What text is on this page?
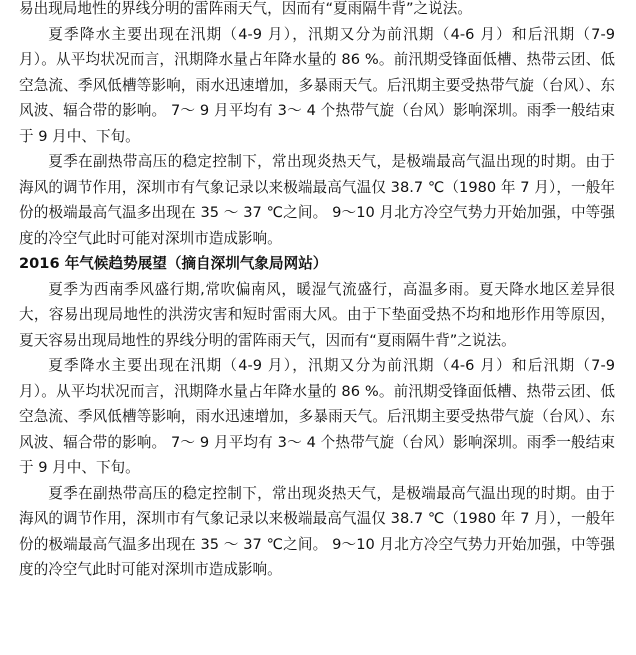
易出现局地性的界线分明的雷阵雨天气，因而有“夏雨隔牛背”之说法。

夏季降水主要出现在汛期（4-9 月），汛期又分为前汛期（4-6 月）和后汛期（7-9 月）。从平均状况而言，汛期降水量占年降水量的 86 %。前汛期受锋面低槽、热带云团、低空急流、季风低槽等影响，雨水迅速增加，多暴雨天气。后汛期主要受热带气旋（台风）、东风波、辐合带的影响。 7～ 9 月平均有 3～ 4 个热带气旋（台风）影响深圳。雨季一般结束于 9 月中、下旬。

夏季在副热带高压的稳定控制下，常出现炎热天气，是极端最高气温出现的时期。由于海风的调节作用，深圳市有气象记录以来极端最高气温仅 38.7 ℃（1980 年 7 月），一般年份的极端最高气温多出现在 35 ～ 37 ℃之间。 9～10 月北方冷空气势力开始加强，中等强度的冷空气此时可能对深圳市造成影响。

2016 年气候趋势展望（摘自深圳气象局网站）

夏季为西南季风盛行期,常吹偏南风，暖湿气流盛行，高温多雨。夏天降水地区差异很大，容易出现局地性的洪涝灾害和短时雷雨大风。由于下垫面受热不均和地形作用等原因，夏天容易出现局地性的界线分明的雷阵雨天气，因而有“夏雨隔牛背”之说法。

夏季降水主要出现在汛期（4-9 月），汛期又分为前汛期（4-6 月）和后汛期（7-9 月）。从平均状况而言，汛期降水量占年降水量的 86 %。前汛期受锋面低槽、热带云团、低空急流、季风低槽等影响，雨水迅速增加，多暴雨天气。后汛期主要受热带气旋（台风）、东风波、辐合带的影响。 7～ 9 月平均有 3～ 4 个热带气旋（台风）影响深圳。雨季一般结束于 9 月中、下旬。

夏季在副热带高压的稳定控制下，常出现炎热天气，是极端最高气温出现的时期。由于海风的调节作用，深圳市有气象记录以来极端最高气温仅 38.7 ℃（1980 年 7 月），一般年份的极端最高气温多出现在 35 ～ 37 ℃之间。 9～10 月北方冷空气势力开始加强，中等强度的冷空气此时可能对深圳市造成影响。
